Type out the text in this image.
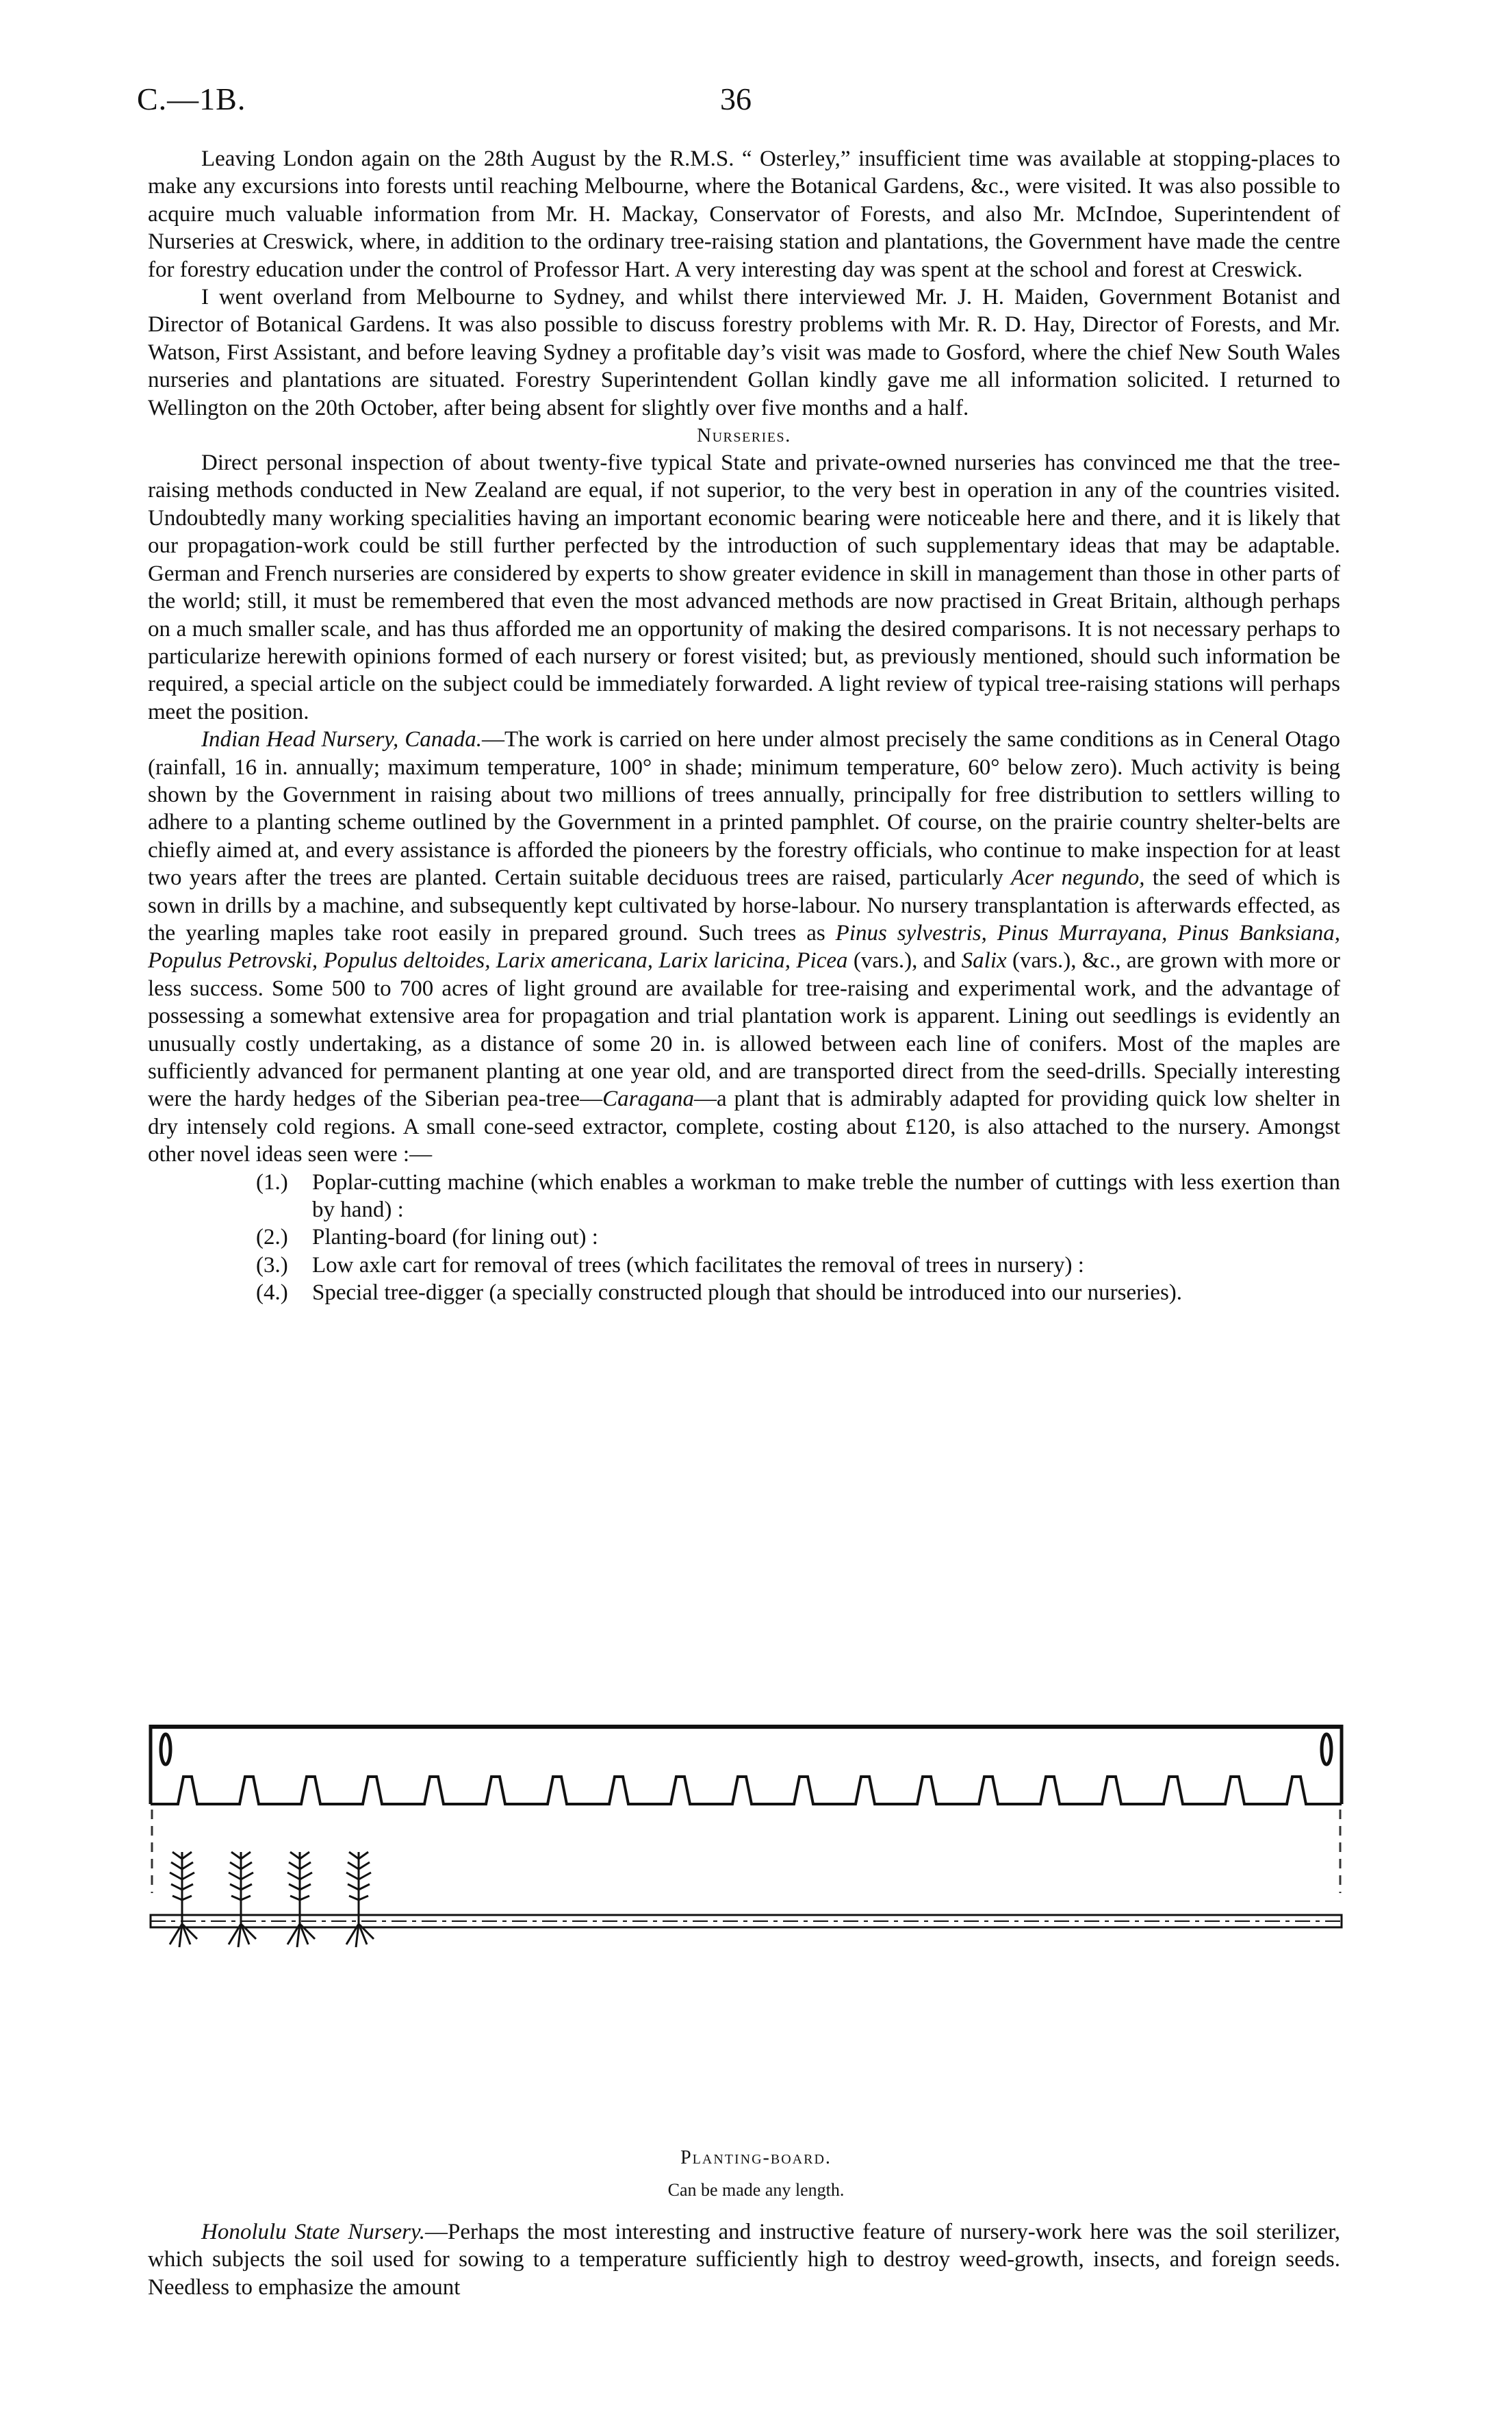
C.—1B.	36

Leaving London again on the 28th August by the R.M.S. “ Osterley,” insufficient time was available at stopping-places to make any excursions into forests until reaching Melbourne, where the Botanical Gardens, &c., were visited. It was also possible to acquire much valuable information from Mr. H. Mackay, Conservator of Forests, and also Mr. McIndoe, Superintendent of Nurseries at Creswick, where, in addition to the ordinary tree-raising station and plantations, the Government have made the centre for forestry education under the control of Professor Hart. A very interesting day was spent at the school and forest at Creswick.

I went overland from Melbourne to Sydney, and whilst there interviewed Mr. J. H. Maiden, Government Botanist and Director of Botanical Gardens. It was also possible to discuss forestry problems with Mr. R. D. Hay, Director of Forests, and Mr. Watson, First Assistant, and before leaving Sydney a profitable day’s visit was made to Gosford, where the chief New South Wales nurseries and plantations are situated. Forestry Superintendent Gollan kindly gave me all information solicited. I returned to Wellington on the 20th October, after being absent for slightly over five months and a half.

Nurseries.

Direct personal inspection of about twenty-five typical State and private-owned nurseries has convinced me that the tree-raising methods conducted in New Zealand are equal, if not superior, to the very best in operation in any of the countries visited. Undoubtedly many working specialities having an important economic bearing were noticeable here and there, and it is likely that our propagation-work could be still further perfected by the introduction of such supplementary ideas that may be adaptable. German and French nurseries are considered by experts to show greater evidence in skill in management than those in other parts of the world; still, it must be remembered that even the most advanced methods are now practised in Great Britain, although perhaps on a much smaller scale, and has thus afforded me an opportunity of making the desired comparisons. It is not necessary perhaps to particularize herewith opinions formed of each nursery or forest visited; but, as previously mentioned, should such information be required, a special article on the subject could be immediately forwarded. A light review of typical tree-raising stations will perhaps meet the position.

Indian Head Nursery, Canada.—The work is carried on here under almost precisely the same conditions as in Ceneral Otago (rainfall, 16 in. annually; maximum temperature, 100° in shade; minimum temperature, 60° below zero). Much activity is being shown by the Government in raising about two millions of trees annually, principally for free distribution to settlers willing to adhere to a planting scheme outlined by the Government in a printed pamphlet. Of course, on the prairie country shelter-belts are chiefly aimed at, and every assistance is afforded the pioneers by the forestry officials, who continue to make inspection for at least two years after the trees are planted. Certain suitable deciduous trees are raised, particularly Acer negundo, the seed of which is sown in drills by a machine, and subsequently kept cultivated by horse-labour. No nursery transplantation is afterwards effected, as the yearling maples take root easily in prepared ground. Such trees as Pinus sylvestris, Pinus Murrayana, Pinus Banksiana, Populus Petrovski, Populus deltoides, Larix americana, Larix laricina, Picea (vars.), and Salix (vars.), &c., are grown with more or less success. Some 500 to 700 acres of light ground are available for tree-raising and experimental work, and the advantage of possessing a somewhat extensive area for propagation and trial plantation work is apparent. Lining out seedlings is evidently an unusually costly undertaking, as a distance of some 20 in. is allowed between each line of conifers. Most of the maples are sufficiently advanced for permanent planting at one year old, and are transported direct from the seed-drills. Specially interesting were the hardy hedges of the Siberian pea-tree—Caragana—a plant that is admirably adapted for providing quick low shelter in dry intensely cold regions. A small cone-seed extractor, complete, costing about £120, is also attached to the nursery. Amongst other novel ideas seen were :—

(1.)	Poplar-cutting machine (which enables a workman to make treble the number of cuttings with less exertion than by hand) :
(2.)	Planting-board (for lining out) :
(3.)	Low axle cart for removal of trees (which facilitates the removal of trees in nursery) :
(4.)	Special tree-digger (a specially constructed plough that should be introduced into our nurseries).
Planting-board.
Can be made any length.

Honolulu State Nursery.—Perhaps the most interesting and instructive feature of nursery-work here was the soil sterilizer, which subjects the soil used for sowing to a temperature sufficiently high to destroy weed-growth, insects, and foreign seeds. Needless to emphasize the amount
